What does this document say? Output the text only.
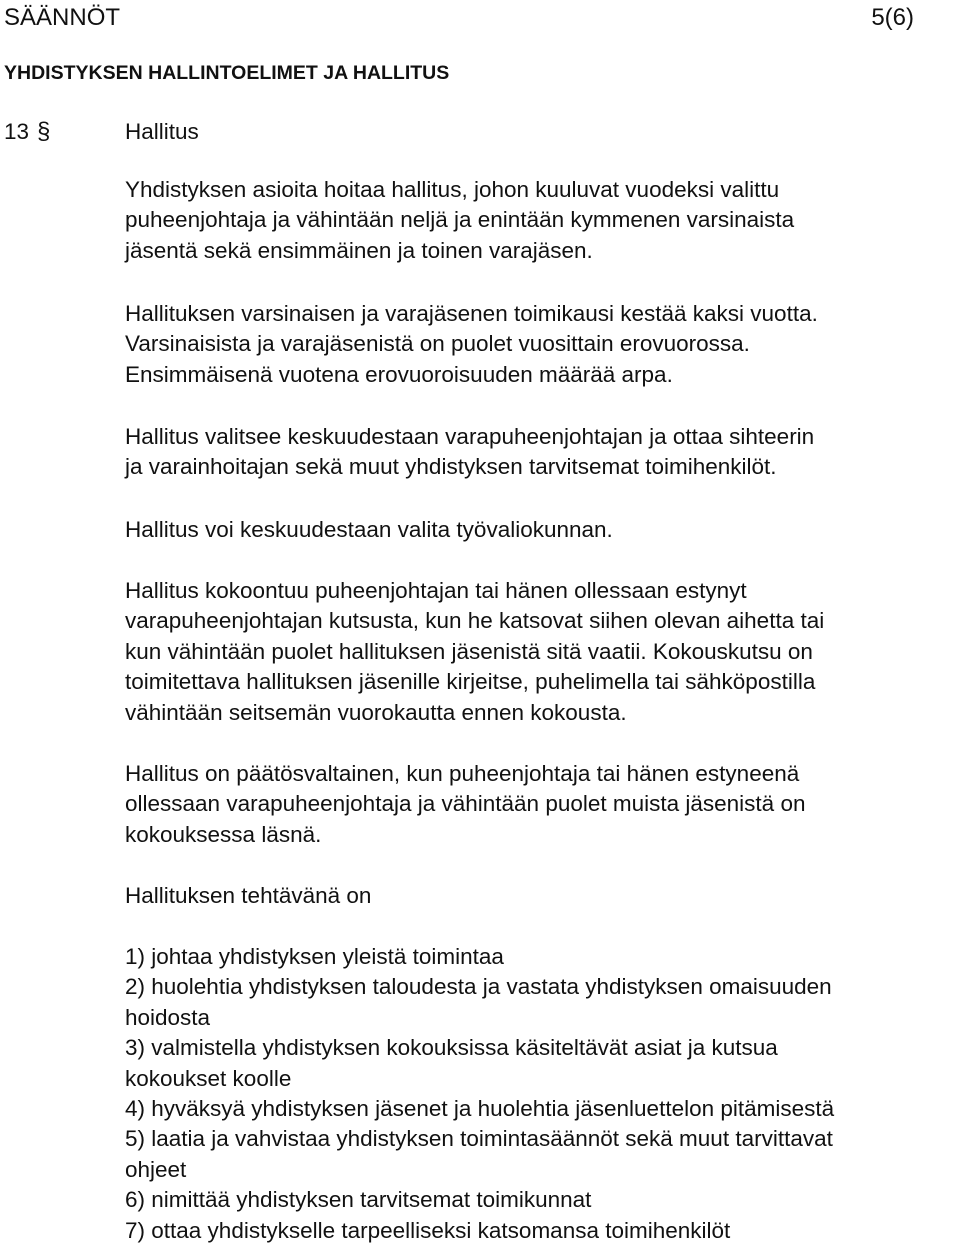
SÄÄNNÖT	5(6)
YHDISTYKSEN HALLINTOELIMET JA HALLITUS
13 §	Hallitus
Yhdistyksen asioita hoitaa hallitus, johon kuuluvat vuodeksi valittu
puheenjohtaja ja vähintään neljä ja enintään kymmenen varsinaista
jäsentä sekä ensimmäinen ja toinen varajäsen.
Hallituksen varsinaisen ja varajäsenen toimikausi kestää kaksi vuotta.
Varsinaisista ja varajäsenistä on puolet vuosittain erovuorossa.
Ensimmäisenä vuotena erovuoroisuuden määrää arpa.
Hallitus valitsee keskuudestaan varapuheenjohtajan ja ottaa sihteerin
ja varainhoitajan sekä muut yhdistyksen tarvitsemat toimihenkilöt.
Hallitus voi keskuudestaan valita työvaliokunnan.
Hallitus kokoontuu puheenjohtajan tai hänen ollessaan estynyt
varapuheenjohtajan kutsusta, kun he katsovat siihen olevan aihetta tai
kun vähintään puolet hallituksen jäsenistä sitä vaatii. Kokouskutsu on
toimitettava hallituksen jäsenille kirjeitse, puhelimella tai sähköpostilla
vähintään seitsemän vuorokautta ennen kokousta.
Hallitus on päätösvaltainen, kun puheenjohtaja tai hänen estyneenä
ollessaan varapuheenjohtaja ja vähintään puolet muista jäsenistä on
kokouksessa läsnä.
Hallituksen tehtävänä on
1) johtaa yhdistyksen yleistä toimintaa
2) huolehtia yhdistyksen taloudesta ja vastata yhdistyksen omaisuuden
hoidosta
3) valmistella yhdistyksen kokouksissa käsiteltävät asiat ja kutsua
kokoukset koolle
4) hyväksyä yhdistyksen jäsenet ja huolehtia jäsenluettelon pitämisestä
5) laatia ja vahvistaa yhdistyksen toimintasäännöt sekä muut tarvittavat
ohjeet
6) nimittää yhdistyksen tarvitsemat toimikunnat
7) ottaa yhdistykselle tarpeelliseksi katsomansa toimihenkilöt
